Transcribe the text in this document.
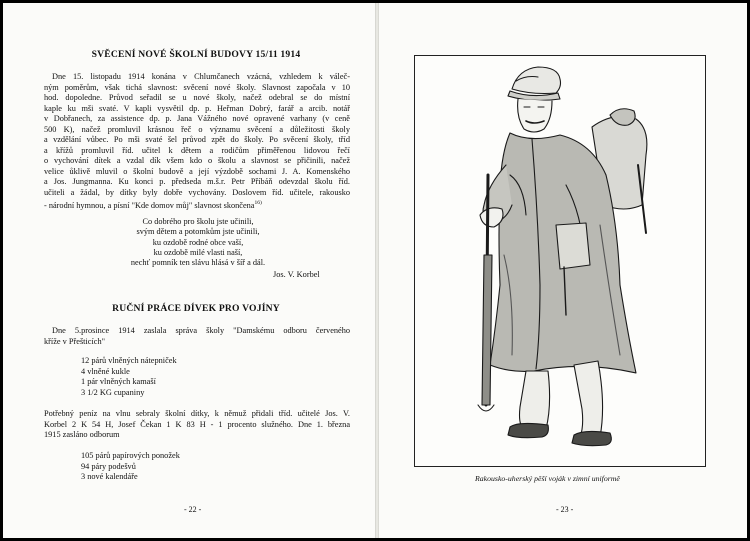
SVĚCENÍ NOVÉ ŠKOLNÍ BUDOVY 15/11 1914
Dne 15. listopadu 1914 konána v Chlumčanech vzácná, vzhledem k váleč-
ným poměrům, však tichá slavnost: svěcení nové školy. Slavnost započala v 10
hod. dopoledne. Průvod seřadil se u nové školy, načež odebral se do místní
kaple ku mši svaté. V kapli vysvětil dp. p. Heřman Dobrý, farář a arcib. notář
v Dobřanech, za assistence dp. p. Jana Vážného nové opravené varhany (v ceně
500 K), načež promluvil krásnou řeč o významu svěcení a důležitosti školy
a vzdělání vůbec. Po mši svaté šel průvod zpět do školy. Po svěcení školy, tříd
a křížů promluvil říd. učitel k dětem a rodičům přiměřenou lidovou řečí
o vychování dítek a vzdal dík všem kdo o školu a slavnost se přičinili, načež
velice ůklivě mluvil o školní budově a její výzdobě sochami J. A. Komenského
a Jos. Jungmanna. Ku konci p. předseda m.š.r. Petr Příbáň odevzdal školu říd.
učiteli a žádal, by dítky byly dobře vychovány. Doslovem říd. učitele, rakousko
- národní hymnou, a písní "Kde domov můj" slavnost skončena$^{16)}$
Co dobrého pro školu jste učinili,
svým dětem a potomkům jste učinili,
ku ozdobě rodné obce vaší,
ku ozdobě milé vlasti naší,
nechť pomník ten slávu hlásá v šíř a dál.
Jos. V. Korbel
RUČNÍ PRÁCE DÍVEK PRO VOJÍNY
Dne 5.prosince 1914 zaslala správa školy "Damskému odboru červeného
kříže v Přešticích"
12 párů vlněných nátepniček
4 vlněné kukle
1 pár vlněných kamaší
3 1/2 KG cupaniny
Potřebný peníz na vlnu sebraly školní dítky, k němuž přidali tříd. učitelé Jos. V.
Korbel 2 K 54 H, Josef Čekan 1 K 83 H - 1 procento služného. Dne 1. března
1915 zasláno odborum
105 párů papírových ponožek
94 páry podešvů
3 nové kalendáře
- 22 -
Rakousko-uherský pěší voják v zimní uniformě
- 23 -
